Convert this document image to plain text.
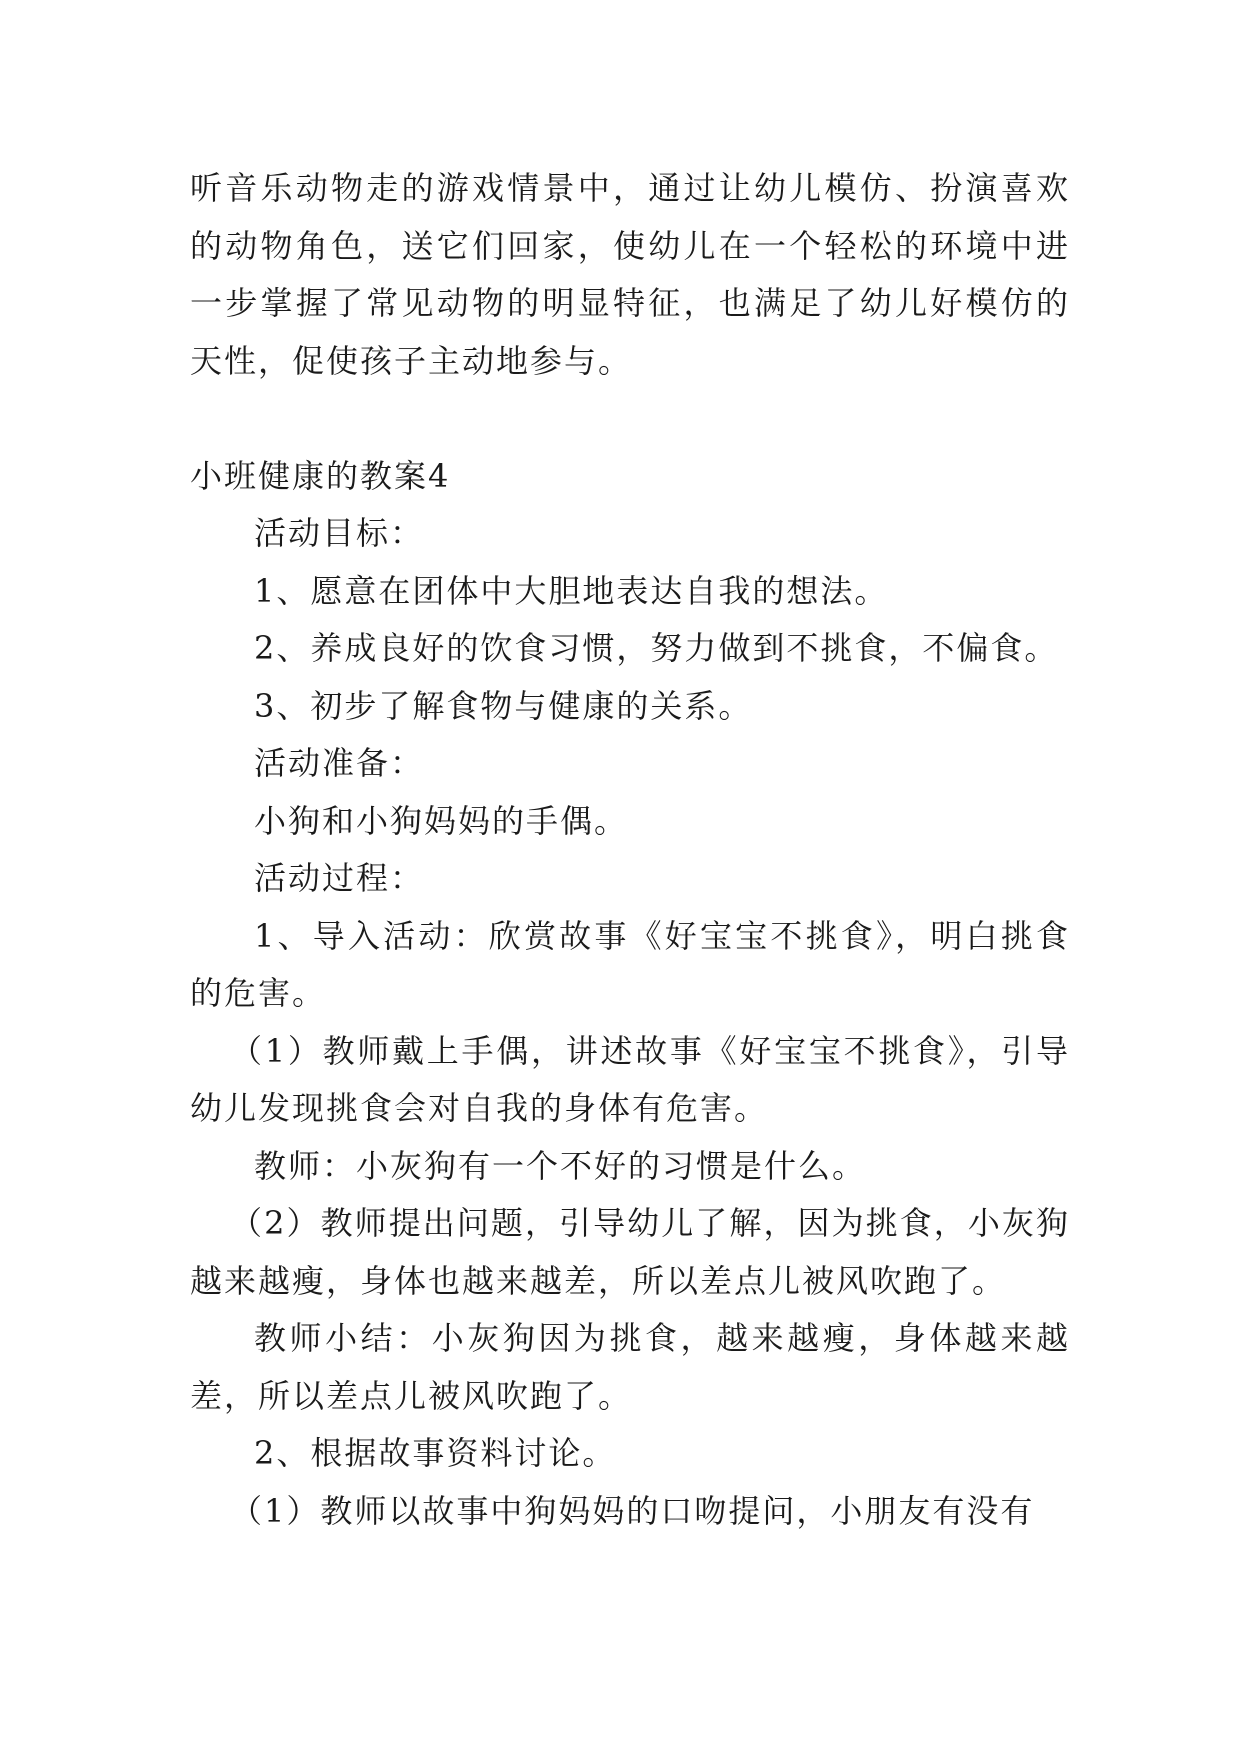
听音乐动物走的游戏情景中，通过让幼儿模仿、扮演喜欢的动物角色，送它们回家，使幼儿在一个轻松的环境中进一步掌握了常见动物的明显特征，也满足了幼儿好模仿的天性，促使孩子主动地参与。

小班健康的教案4

活动目标：

1、愿意在团体中大胆地表达自我的想法。

2、养成良好的饮食习惯，努力做到不挑食，不偏食。

3、初步了解食物与健康的关系。

活动准备：

小狗和小狗妈妈的手偶。

活动过程：

1、导入活动：欣赏故事《好宝宝不挑食》，明白挑食的危害。

（1）教师戴上手偶，讲述故事《好宝宝不挑食》，引导幼儿发现挑食会对自我的身体有危害。

教师：小灰狗有一个不好的习惯是什么。

（2）教师提出问题，引导幼儿了解，因为挑食，小灰狗越来越瘦，身体也越来越差，所以差点儿被风吹跑了。

教师小结：小灰狗因为挑食，越来越瘦，身体越来越差，所以差点儿被风吹跑了。

2、根据故事资料讨论。

（1）教师以故事中狗妈妈的口吻提问，小朋友有没有
